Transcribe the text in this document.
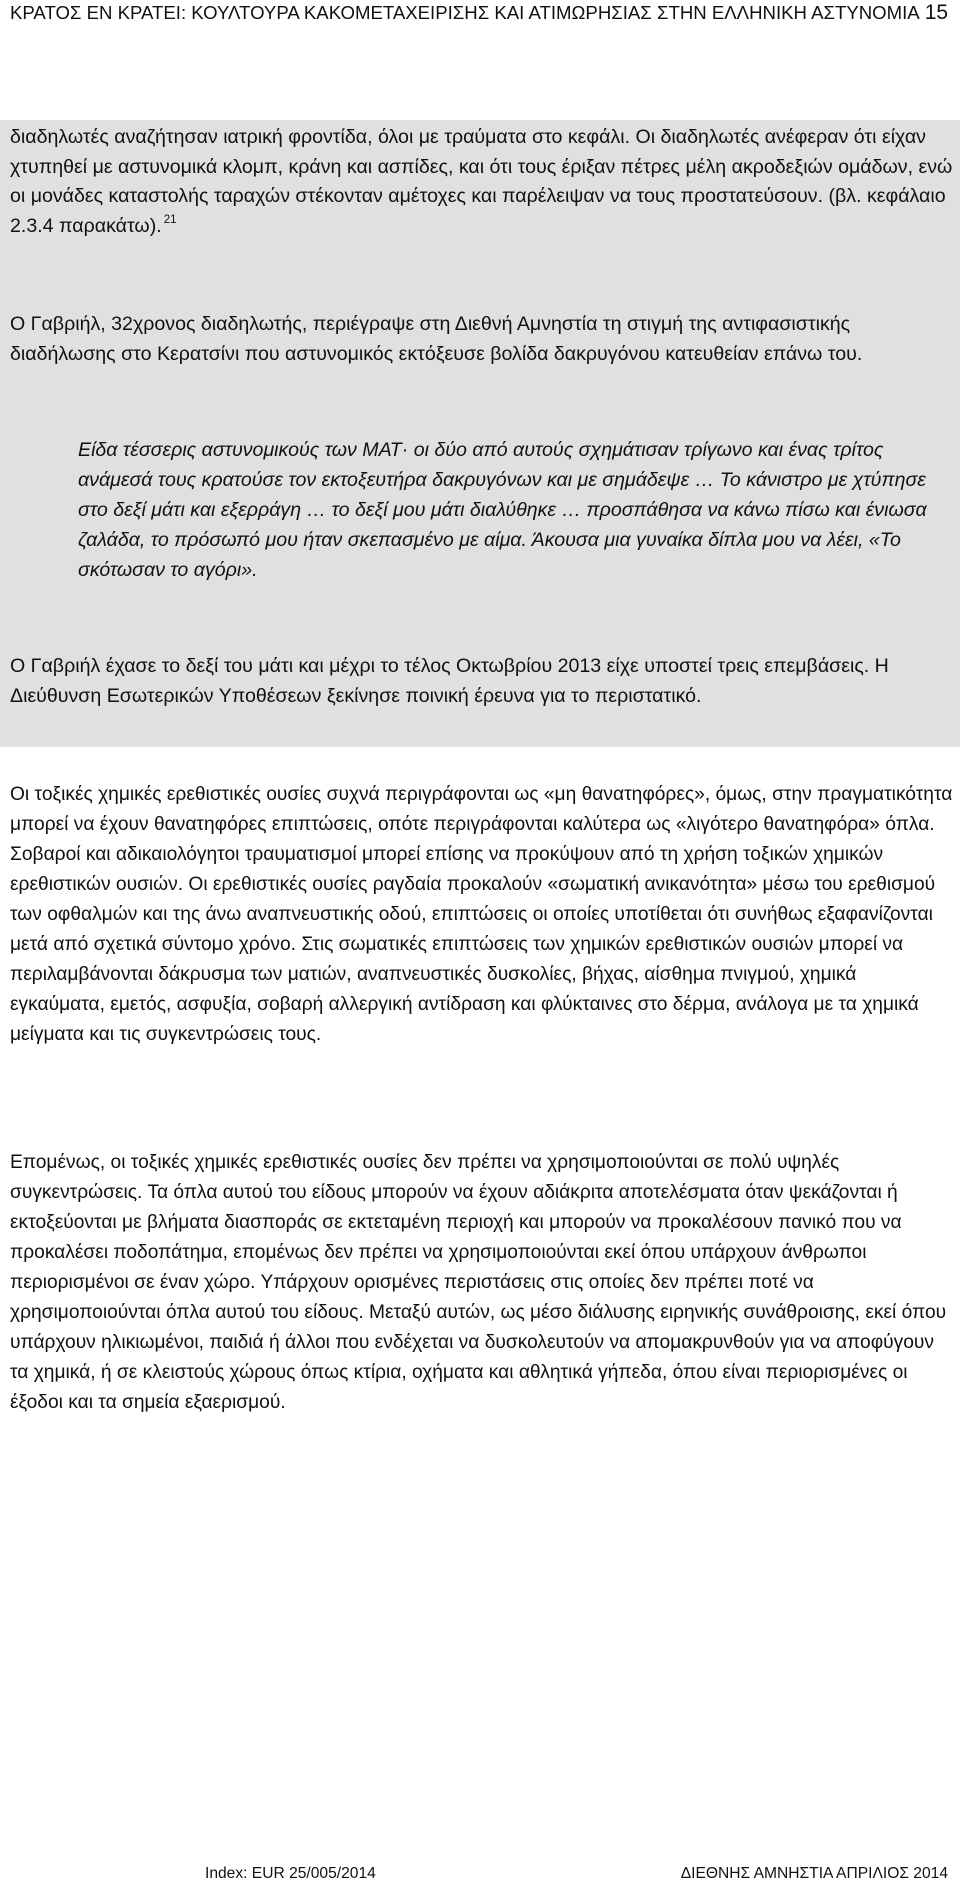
ΚΡΑΤΟΣ ΕΝ ΚΡΑΤΕΙ: ΚΟΥΛΤΟΥΡΑ ΚΑΚΟΜΕΤΑΧΕΙΡΙΣΗΣ ΚΑΙ ΑΤΙΜΩΡΗΣΙΑΣ ΣΤΗΝ ΕΛΛΗΝΙΚΗ ΑΣΤΥΝΟΜΙΑ 15
διαδηλωτές αναζήτησαν ιατρική φροντίδα, όλοι με τραύματα στο κεφάλι. Οι διαδηλωτές ανέφεραν ότι είχαν χτυπηθεί με αστυνομικά κλομπ, κράνη και ασπίδες, και ότι τους έριξαν πέτρες μέλη ακροδεξιών ομάδων, ενώ οι μονάδες καταστολής ταραχών στέκονταν αμέτοχες και παρέλειψαν να τους προστατεύσουν. (βλ. κεφάλαιο 2.3.4 παρακάτω). $^{21}$
Ο Γαβριήλ, 32χρονος διαδηλωτής, περιέγραψε στη Διεθνή Αμνηστία τη στιγμή της αντιφασιστικής διαδήλωσης στο Κερατσίνι που αστυνομικός εκτόξευσε βολίδα δακρυγόνου κατευθείαν επάνω του.
Είδα τέσσερις αστυνομικούς των ΜΑΤ· οι δύο από αυτούς σχημάτισαν τρίγωνο και ένας τρίτος ανάμεσά τους κρατούσε τον εκτοξευτήρα δακρυγόνων και με σημάδεψε … Το κάνιστρο με χτύπησε στο δεξί μάτι και εξερράγη … το δεξί μου μάτι διαλύθηκε … προσπάθησα να κάνω πίσω και ένιωσα ζαλάδα, το πρόσωπό μου ήταν σκεπασμένο με αίμα. Άκουσα μια γυναίκα δίπλα μου να λέει, «Το σκότωσαν το αγόρι».
Ο Γαβριήλ έχασε το δεξί του μάτι και μέχρι το τέλος Οκτωβρίου 2013 είχε υποστεί τρεις επεμβάσεις. Η Διεύθυνση Εσωτερικών Υποθέσεων ξεκίνησε ποινική έρευνα για το περιστατικό.
Οι τοξικές χημικές ερεθιστικές ουσίες συχνά περιγράφονται ως «μη θανατηφόρες», όμως, στην πραγματικότητα μπορεί να έχουν θανατηφόρες επιπτώσεις, οπότε περιγράφονται καλύτερα ως «λιγότερο θανατηφόρα» όπλα. Σοβαροί και αδικαιολόγητοι τραυματισμοί μπορεί επίσης να προκύψουν από τη χρήση τοξικών χημικών ερεθιστικών ουσιών. Οι ερεθιστικές ουσίες ραγδαία προκαλούν «σωματική ανικανότητα» μέσω του ερεθισμού των οφθαλμών και της άνω αναπνευστικής οδού, επιπτώσεις οι οποίες υποτίθεται ότι συνήθως εξαφανίζονται μετά από σχετικά σύντομο χρόνο. Στις σωματικές επιπτώσεις των χημικών ερεθιστικών ουσιών μπορεί να περιλαμβάνονται δάκρυσμα των ματιών, αναπνευστικές δυσκολίες, βήχας, αίσθημα πνιγμού, χημικά εγκαύματα, εμετός, ασφυξία, σοβαρή αλλεργική αντίδραση και φλύκταινες στο δέρμα, ανάλογα με τα χημικά μείγματα και τις συγκεντρώσεις τους.
Επομένως, οι τοξικές χημικές ερεθιστικές ουσίες δεν πρέπει να χρησιμοποιούνται σε πολύ υψηλές συγκεντρώσεις. Τα όπλα αυτού του είδους μπορούν να έχουν αδιάκριτα αποτελέσματα όταν ψεκάζονται ή εκτοξεύονται με βλήματα διασποράς σε εκτεταμένη περιοχή και μπορούν να προκαλέσουν πανικό που να προκαλέσει ποδοπάτημα, επομένως δεν πρέπει να χρησιμοποιούνται εκεί όπου υπάρχουν άνθρωποι περιορισμένοι σε έναν χώρο. Υπάρχουν ορισμένες περιστάσεις στις οποίες δεν πρέπει ποτέ να χρησιμοποιούνται όπλα αυτού του είδους. Μεταξύ αυτών, ως μέσο διάλυσης ειρηνικής συνάθροισης, εκεί όπου υπάρχουν ηλικιωμένοι, παιδιά ή άλλοι που ενδέχεται να δυσκολευτούν να απομακρυνθούν για να αποφύγουν τα χημικά, ή σε κλειστούς χώρους όπως κτίρια, οχήματα και αθλητικά γήπεδα, όπου είναι περιορισμένες οι έξοδοι και τα σημεία εξαερισμού.
Index: EUR 25/005/2014	ΔΙΕΘΝΗΣ ΑΜΝΗΣΤΙΑ ΑΠΡΙΛΙΟΣ 2014
